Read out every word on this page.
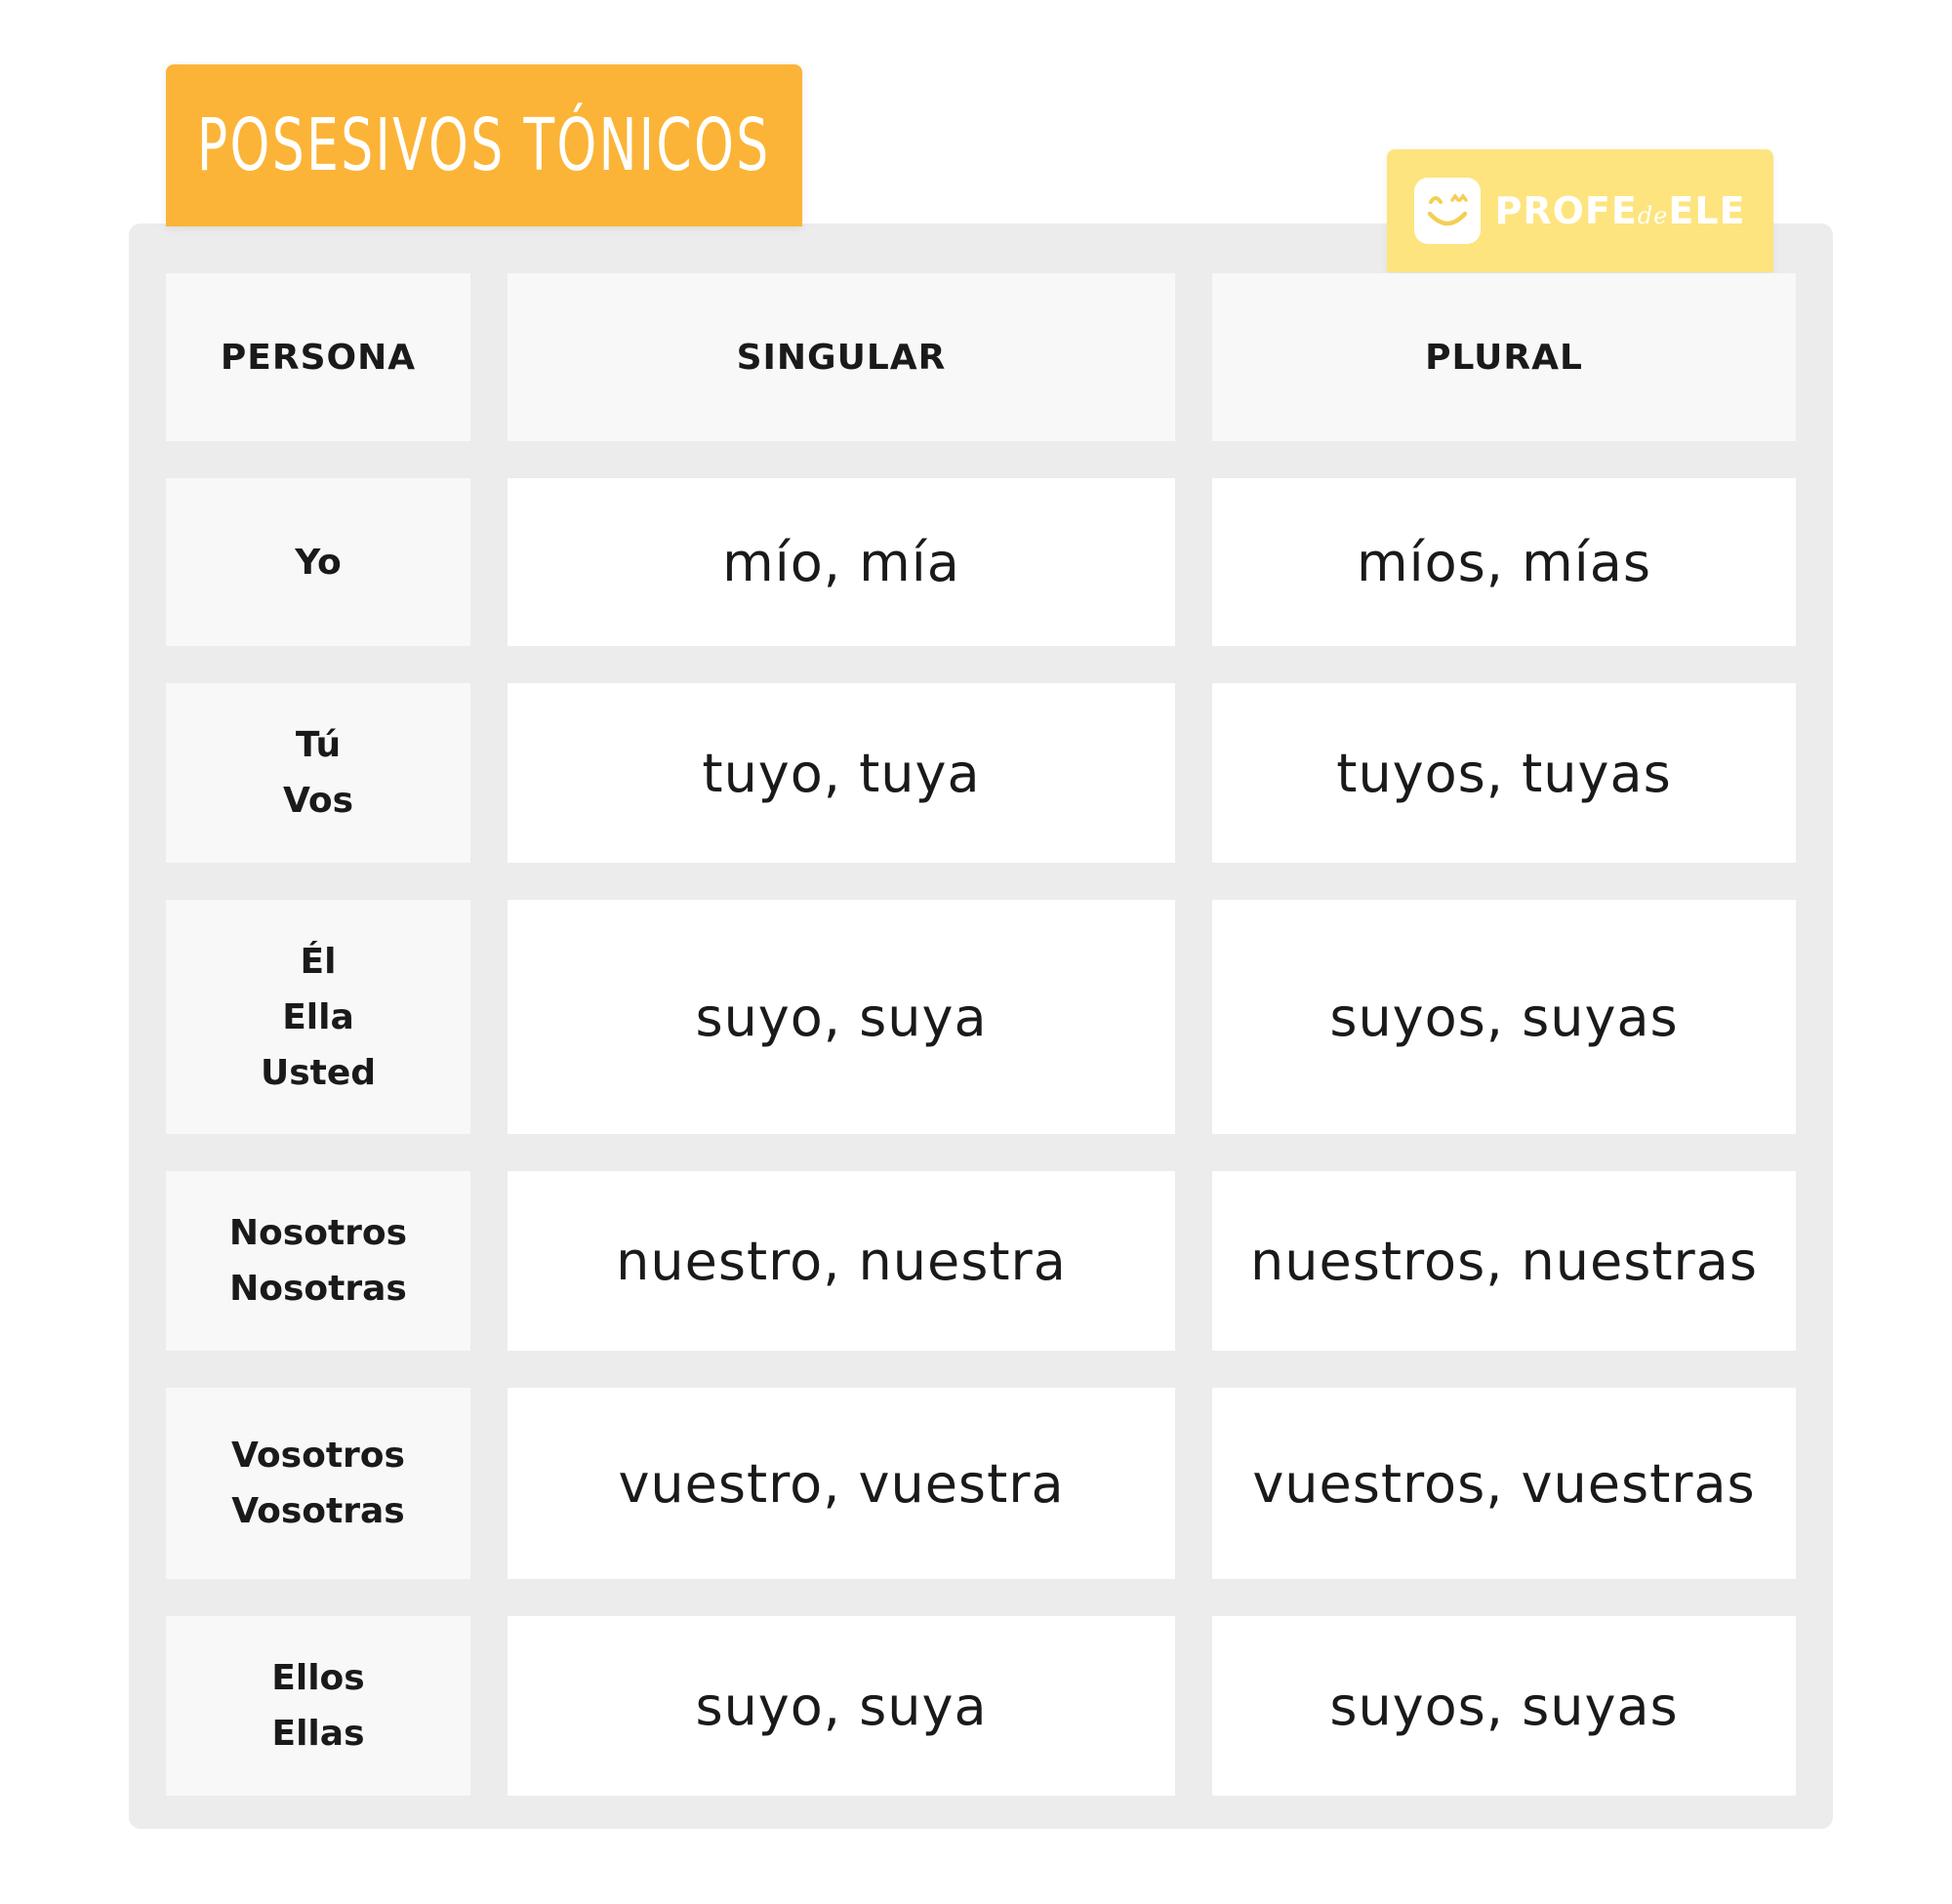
POSESIVOS TÓNICOS
PROFEdeELE
PERSONA	SINGULAR	PLURAL
Yo	mío, mía	míos, mías
Tú
Vos	tuyo, tuya	tuyos, tuyas
Él
Ella
Usted
suyo, suya	suyos, suyas
Nosotros
Nosotras	nuestro, nuestra	nuestros, nuestras
Vosotros
Vosotras	vuestro, vuestra	vuestros, vuestras
Ellos
Ellas	suyo, suya	suyos, suyas
